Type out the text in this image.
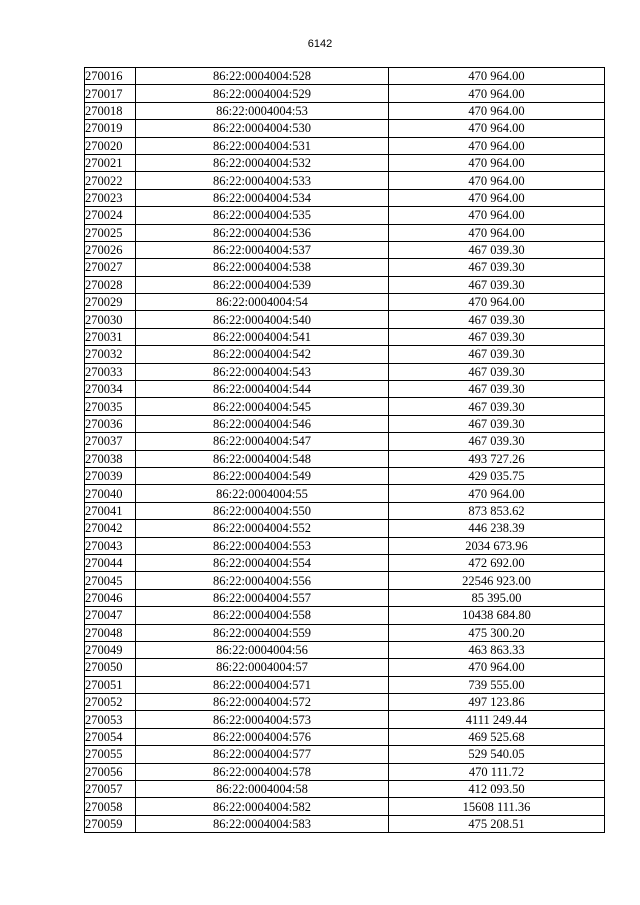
6142
270016	86:22:0004004:528	470 964.00
270017	86:22:0004004:529	470 964.00
270018	86:22:0004004:53	470 964.00
270019	86:22:0004004:530	470 964.00
270020	86:22:0004004:531	470 964.00
270021	86:22:0004004:532	470 964.00
270022	86:22:0004004:533	470 964.00
270023	86:22:0004004:534	470 964.00
270024	86:22:0004004:535	470 964.00
270025	86:22:0004004:536	470 964.00
270026	86:22:0004004:537	467 039.30
270027	86:22:0004004:538	467 039.30
270028	86:22:0004004:539	467 039.30
270029	86:22:0004004:54	470 964.00
270030	86:22:0004004:540	467 039.30
270031	86:22:0004004:541	467 039.30
270032	86:22:0004004:542	467 039.30
270033	86:22:0004004:543	467 039.30
270034	86:22:0004004:544	467 039.30
270035	86:22:0004004:545	467 039.30
270036	86:22:0004004:546	467 039.30
270037	86:22:0004004:547	467 039.30
270038	86:22:0004004:548	493 727.26
270039	86:22:0004004:549	429 035.75
270040	86:22:0004004:55	470 964.00
270041	86:22:0004004:550	873 853.62
270042	86:22:0004004:552	446 238.39
270043	86:22:0004004:553	2034 673.96
270044	86:22:0004004:554	472 692.00
270045	86:22:0004004:556	22546 923.00
270046	86:22:0004004:557	85 395.00
270047	86:22:0004004:558	10438 684.80
270048	86:22:0004004:559	475 300.20
270049	86:22:0004004:56	463 863.33
270050	86:22:0004004:57	470 964.00
270051	86:22:0004004:571	739 555.00
270052	86:22:0004004:572	497 123.86
270053	86:22:0004004:573	4111 249.44
270054	86:22:0004004:576	469 525.68
270055	86:22:0004004:577	529 540.05
270056	86:22:0004004:578	470 111.72
270057	86:22:0004004:58	412 093.50
270058	86:22:0004004:582	15608 111.36
270059	86:22:0004004:583	475 208.51
